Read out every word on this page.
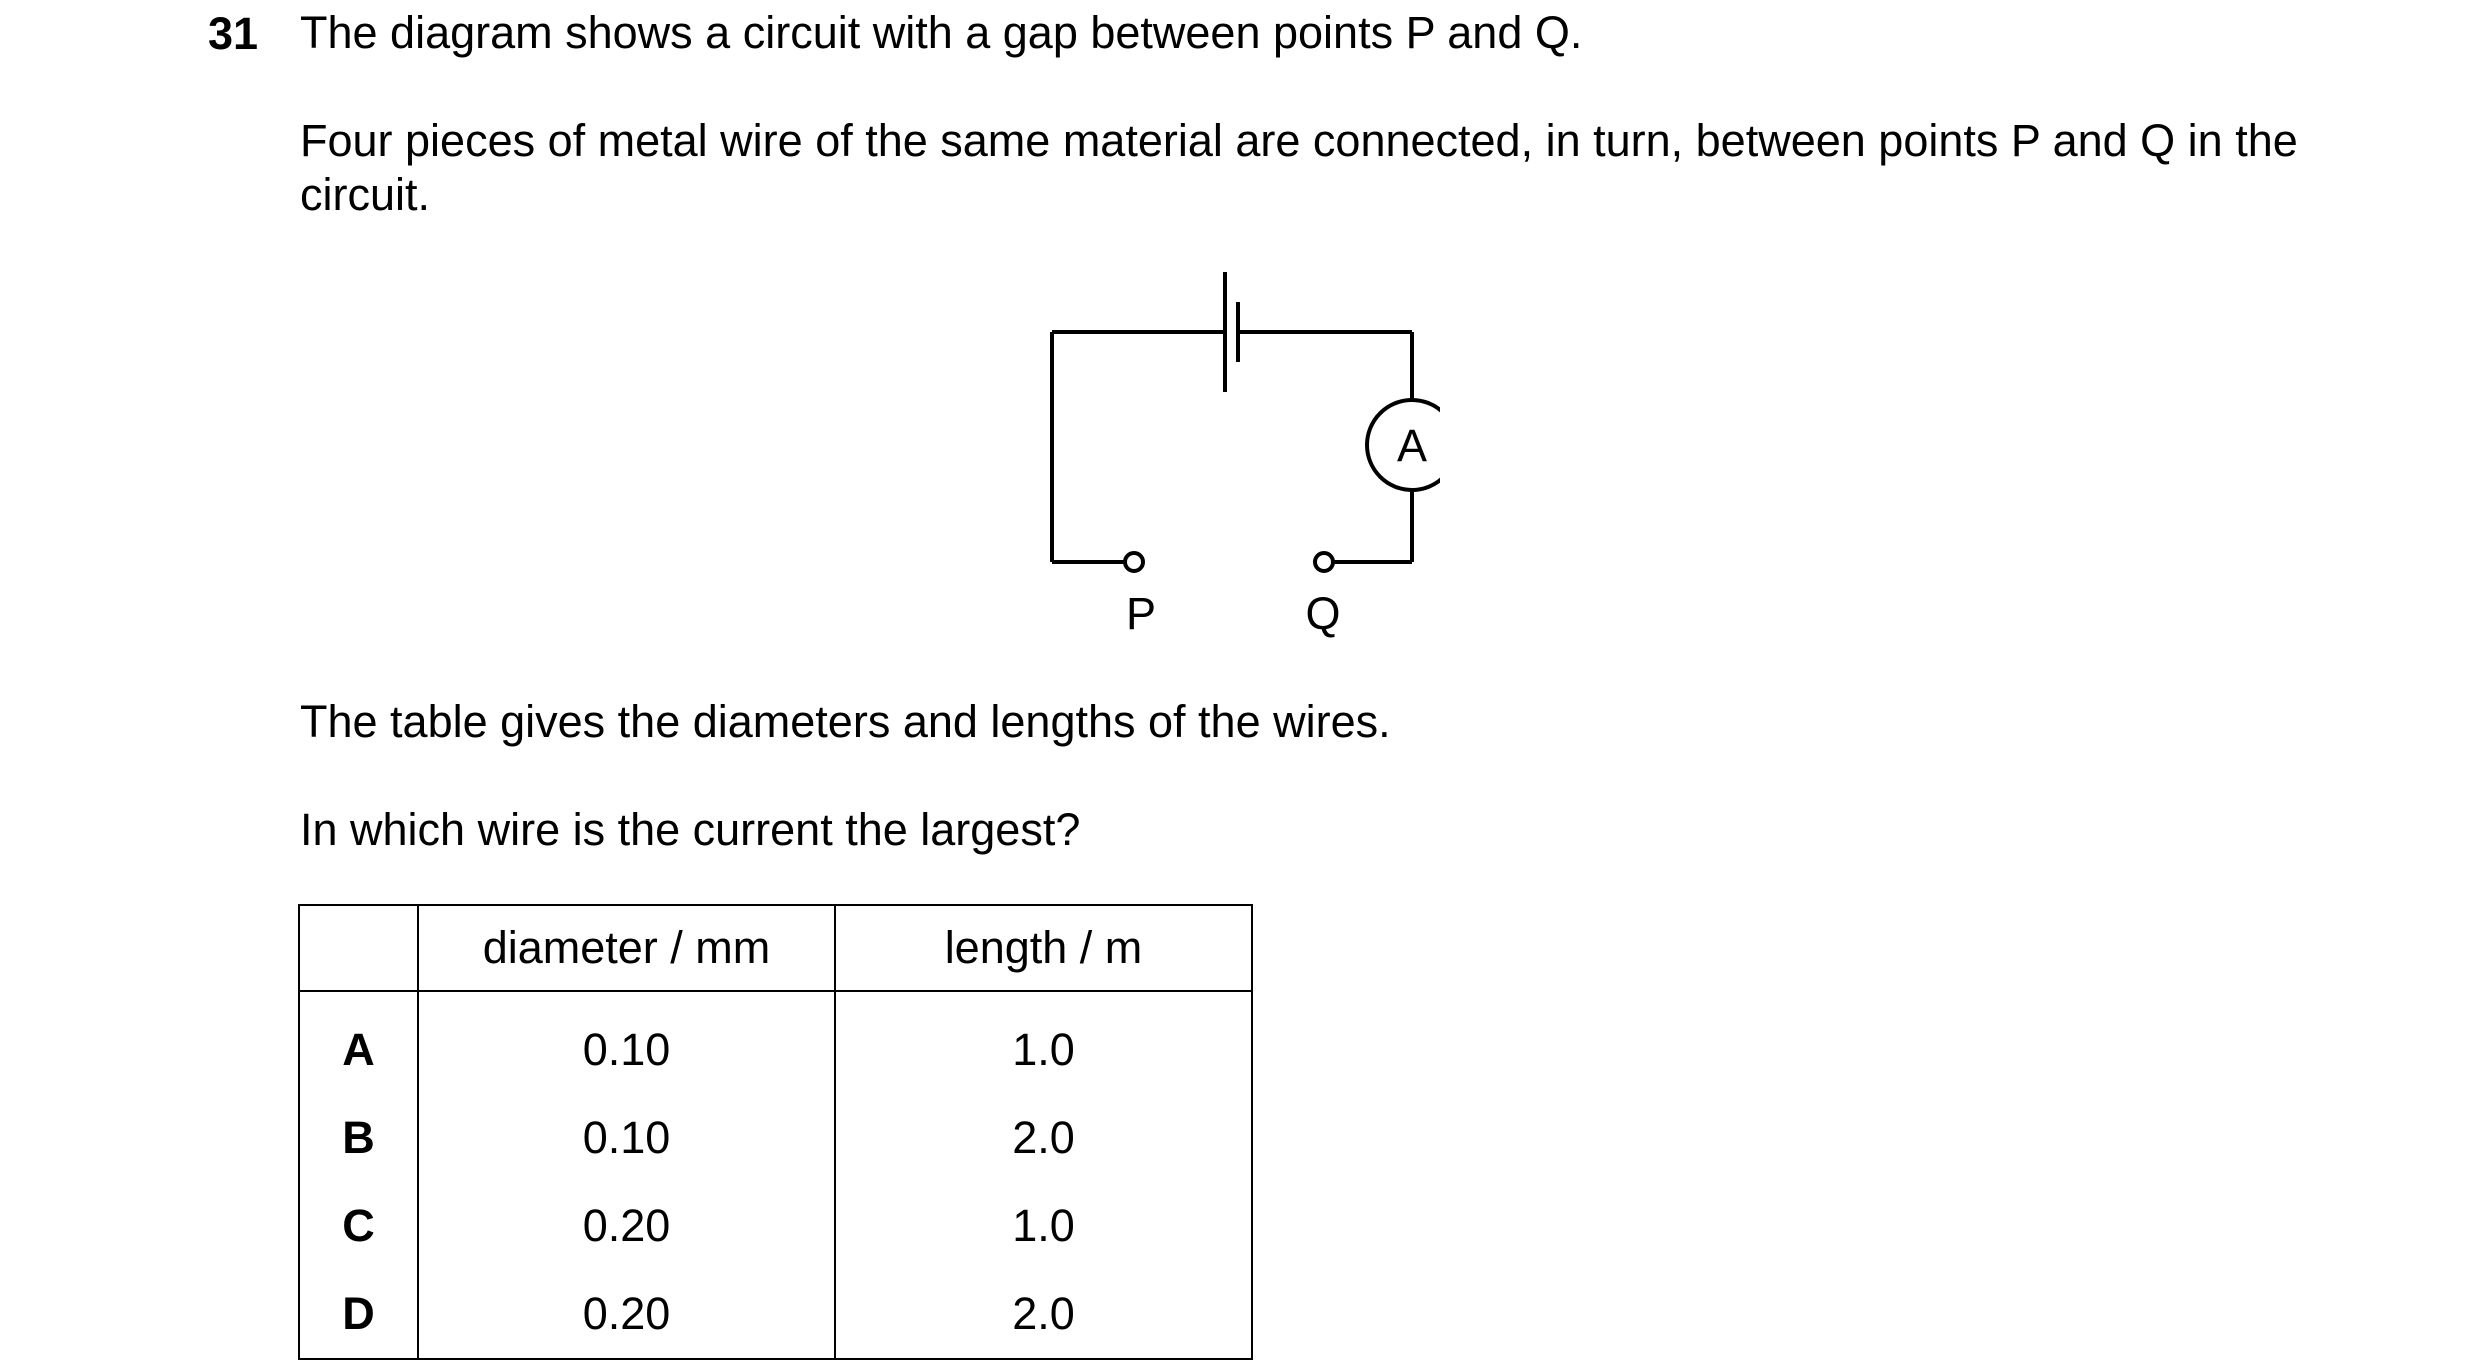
31 The diagram shows a circuit with a gap between points P and Q.
Four pieces of metal wire of the same material are connected, in turn, between points P and Q in the circuit.
A
P	Q
The table gives the diameters and lengths of the wires.
In which wire is the current the largest?
	diameter / mm	length / m
A	0.10	1.0
B	0.10	2.0
C	0.20	1.0
D	0.20	2.0
